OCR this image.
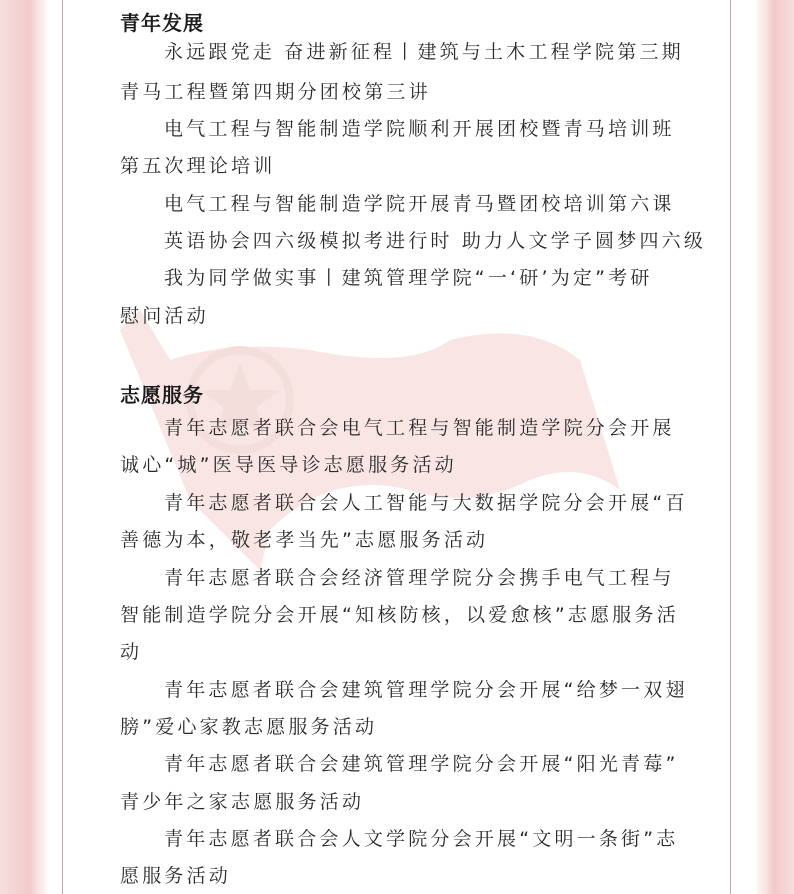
青年发展
永远跟党走 奋进新征程丨建筑与土木工程学院第三期
青马工程暨第四期分团校第三讲
电气工程与智能制造学院顺利开展团校暨青马培训班
第五次理论培训
电气工程与智能制造学院开展青马暨团校培训第六课
英语协会四六级模拟考进行时 助力人文学子圆梦四六级
我为同学做实事丨建筑管理学院“一‘研’为定”考研
慰问活动
志愿服务
青年志愿者联合会电气工程与智能制造学院分会开展
诚心“城”医导医导诊志愿服务活动
青年志愿者联合会人工智能与大数据学院分会开展“百
善德为本，敬老孝当先”志愿服务活动
青年志愿者联合会经济管理学院分会携手电气工程与
智能制造学院分会开展“知核防核，以爱愈核”志愿服务活
动
青年志愿者联合会建筑管理学院分会开展“给梦一双翅
膀”爱心家教志愿服务活动
青年志愿者联合会建筑管理学院分会开展“阳光青莓”
青少年之家志愿服务活动
青年志愿者联合会人文学院分会开展“文明一条街”志
愿服务活动
